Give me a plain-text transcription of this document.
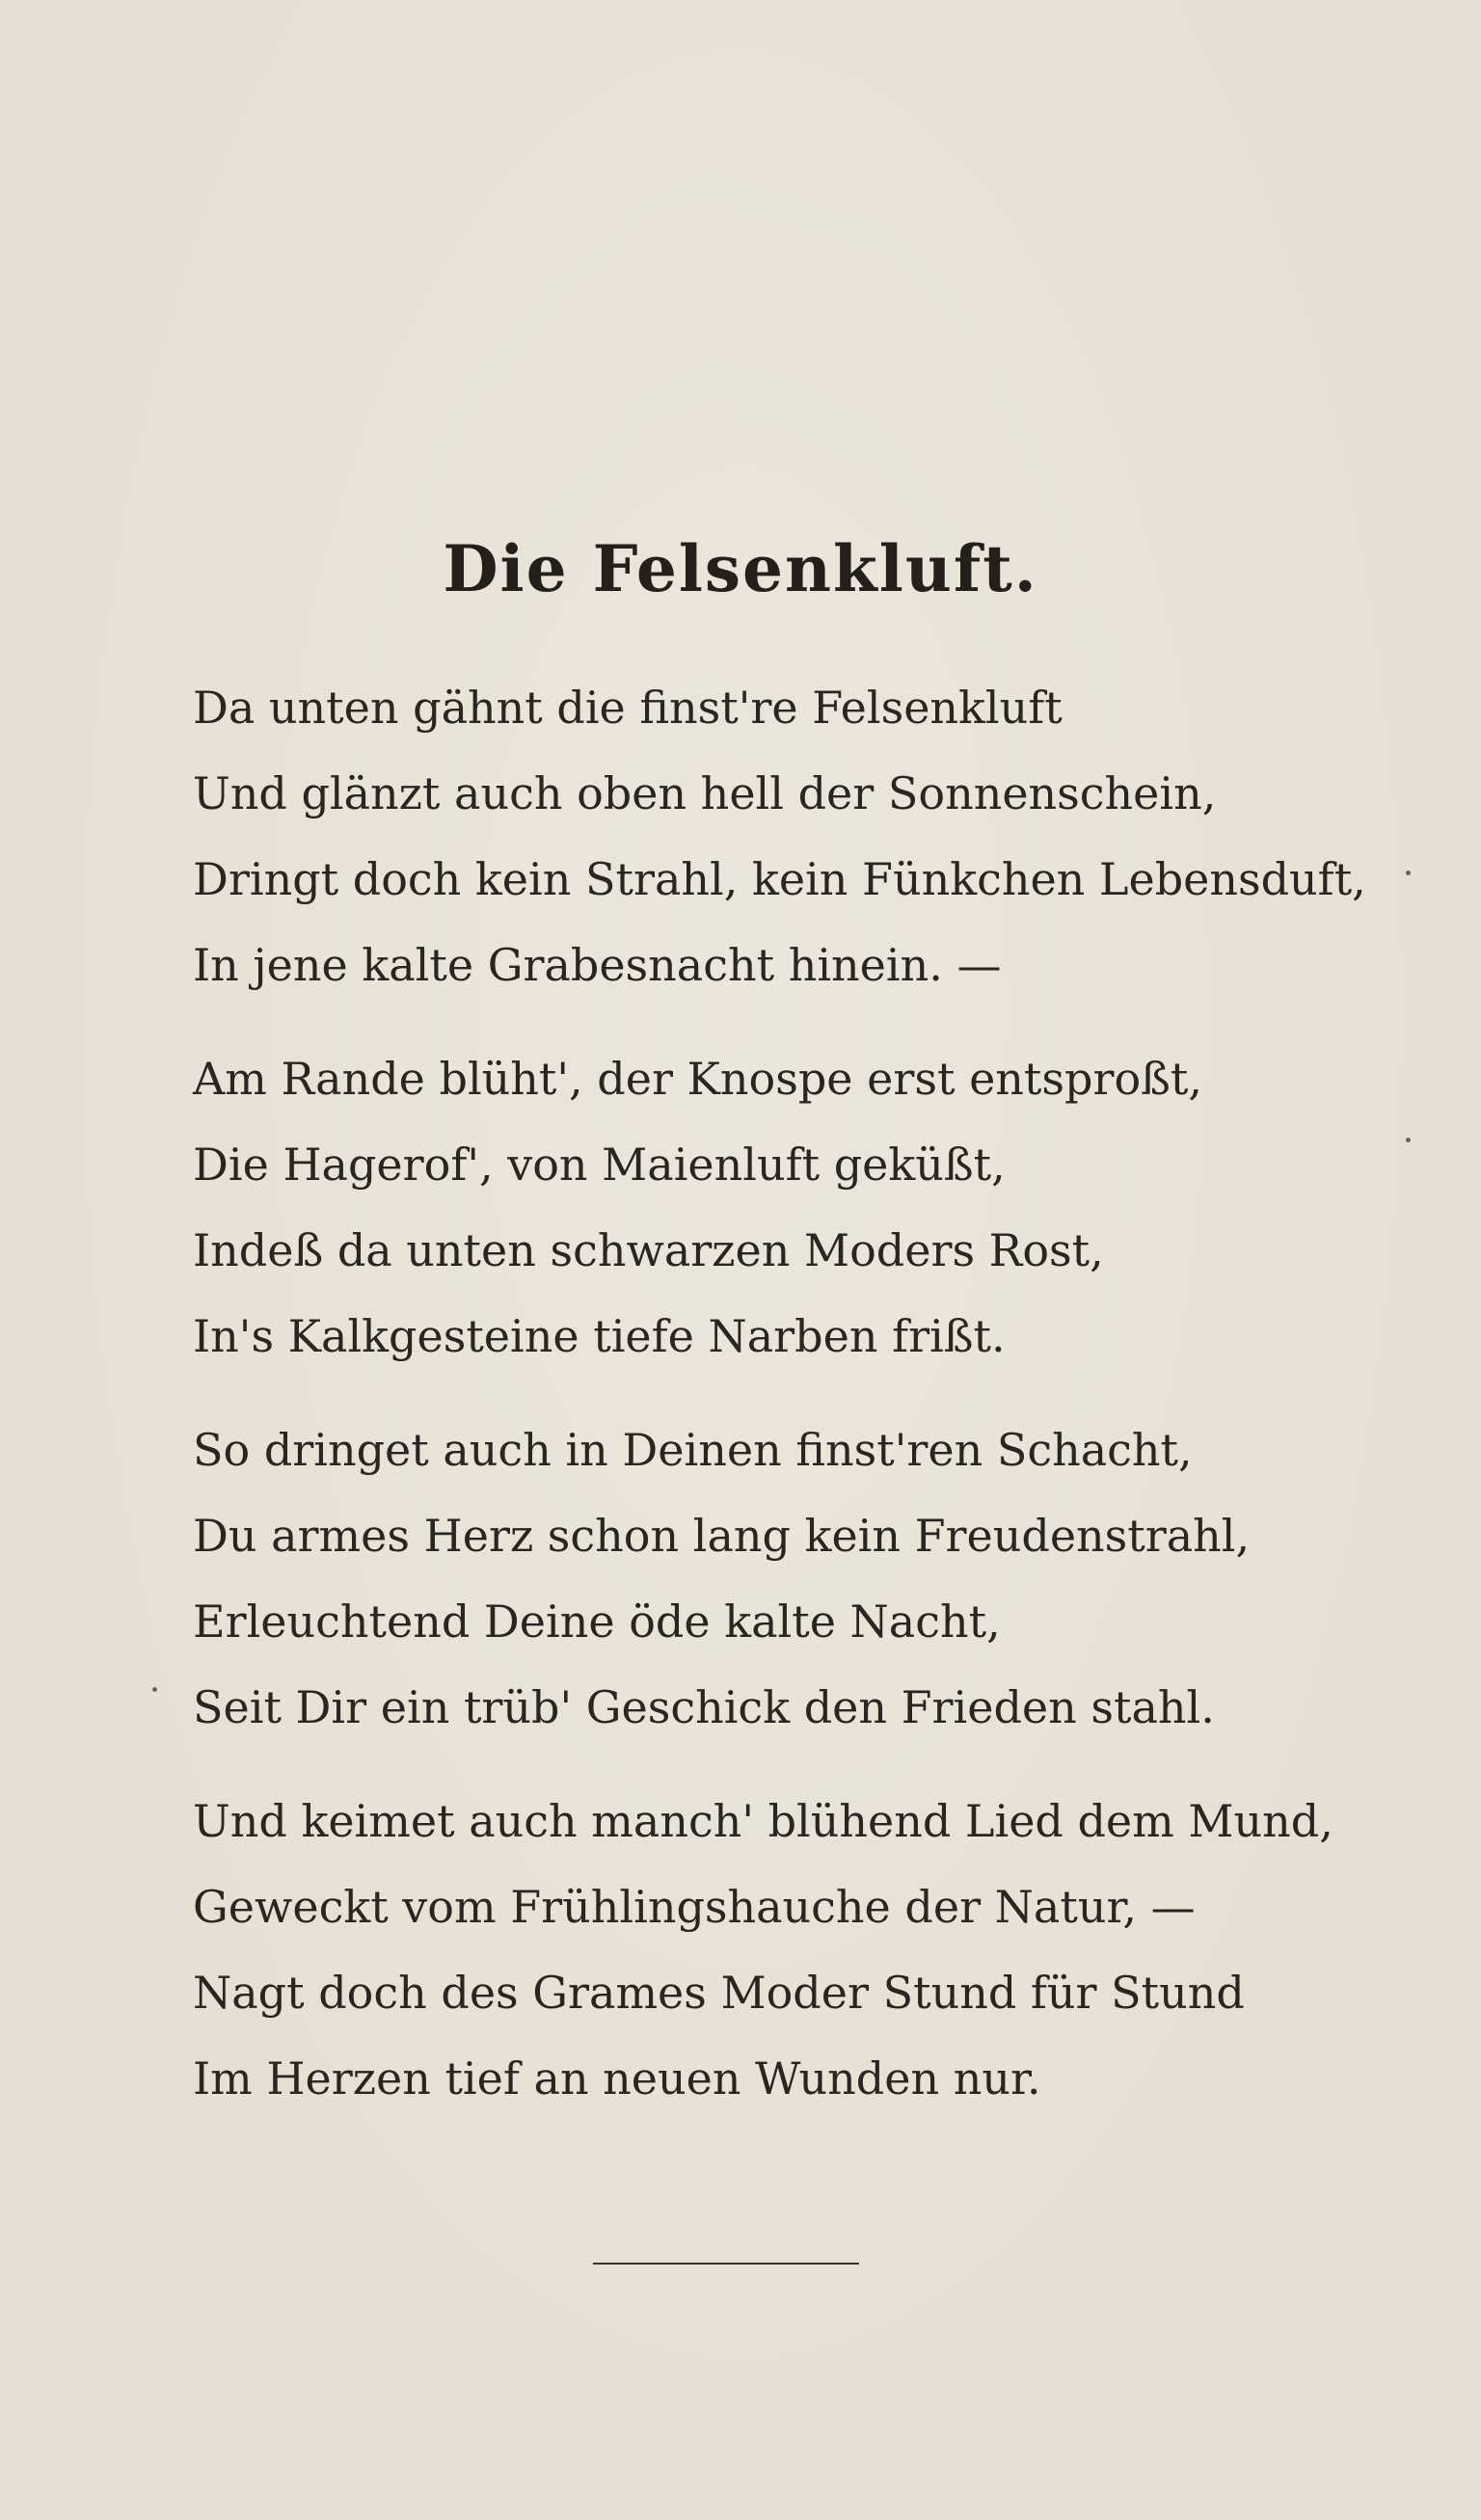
Die Felsenkluft.
Da unten gähnt die finst're Felsenkluft
Und glänzt auch oben hell der Sonnenschein,
Dringt doch kein Strahl, kein Fünkchen Lebensduft,
In jene kalte Grabesnacht hinein. —
Am Rande blüht', der Knospe erst entsproßt,
Die Hagerof', von Maienluft geküßt,
Indeß da unten schwarzen Moders Rost,
In's Kalkgesteine tiefe Narben frißt.
So dringet auch in Deinen finst'ren Schacht,
Du armes Herz schon lang kein Freudenstrahl,
Erleuchtend Deine öde kalte Nacht,
Seit Dir ein trüb' Geschick den Frieden stahl.
Und keimet auch manch' blühend Lied dem Mund,
Geweckt vom Frühlingshauche der Natur, —
Nagt doch des Grames Moder Stund für Stund
Im Herzen tief an neuen Wunden nur.
